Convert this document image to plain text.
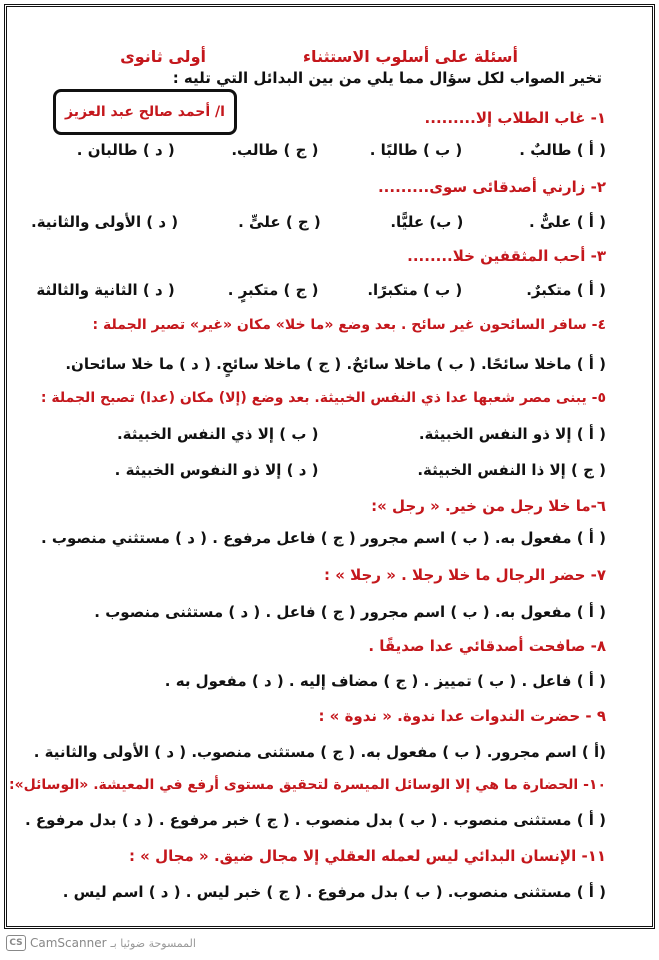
أسئلة على أسلوب الاستثناء
أولى ثانوى
تخير الصواب لكل سؤال مما يلي من بين البدائل التي تليه :
ا/ أحمد صالح عبد العزيز	١- غاب الطلاب إلا.........
( أ ) طالبٌ .
( ب ) طالبًا .
( ج ) طالب.
( د ) طالبان .
٢- زارني أصدقائى سوى.........
( أ ) علىٌّ .
( ب) عليًّا.
( ج ) علىٍّ .
( د ) الأولى والثانية.
٣- أحب المثقفين خلا........
( أ ) متكبرٌ.
( ب ) متكبرًا.
( ج ) متكبرٍ .
( د ) الثانية والثالثة
٤- سافر السائحون غير سائح . بعد وضع «ما خلا» مكان «غير» تصير الجملة :
( أ ) ماخلا سائحًا. ( ب ) ماخلا سائحٌ. ( ج ) ماخلا سائحٍ. ( د ) ما خلا سائحان.
٥- يبنى مصر شعبها عدا ذي النفس الخبيثة. بعد وضع (إلا) مكان (عدا) تصبح الجملة :
( أ ) إلا ذو النفس الخبيثة.
( ب ) إلا ذي النفس الخبيثة.
( ج ) إلا ذا النفس الخبيثة.
( د ) إلا ذو النفوس الخبيثة .
٦-ما خلا رجل من خير. « رجل »:
( أ ) مفعول به. ( ب ) اسم مجرور ( ج ) فاعل مرفوع . ( د ) مستثني منصوب .
٧- حضر الرجال ما خلا رجلا . « رجلا » :
( أ ) مفعول به. ( ب ) اسم مجرور ( ج ) فاعل . ( د ) مستثنى منصوب .
٨- صافحت أصدقائي عدا صديقًا .
( أ ) فاعل . ( ب ) تمييز . ( ج ) مضاف إليه . ( د ) مفعول به .
٩ - حضرت الندوات عدا ندوة. « ندوة » :
(أ ) اسم مجرور. ( ب ) مفعول به. ( ج ) مستثنى منصوب. ( د ) الأولى والثانية .
١٠- الحضارة ما هي إلا الوسائل الميسرة لتحقيق مستوى أرفع في المعيشة. «الوسائل»:
( أ ) مستثنى منصوب . ( ب ) بدل منصوب . ( ج ) خبر مرفوع . ( د ) بدل مرفوع .
١١- الإنسان البدائي ليس لعمله العقلي إلا مجال ضيق. « مجال » :
( أ ) مستثنى منصوب. ( ب ) بدل مرفوع . ( ج ) خبر ليس . ( د ) اسم ليس .
CS CamScanner الممسوحة ضوئيا بـ
